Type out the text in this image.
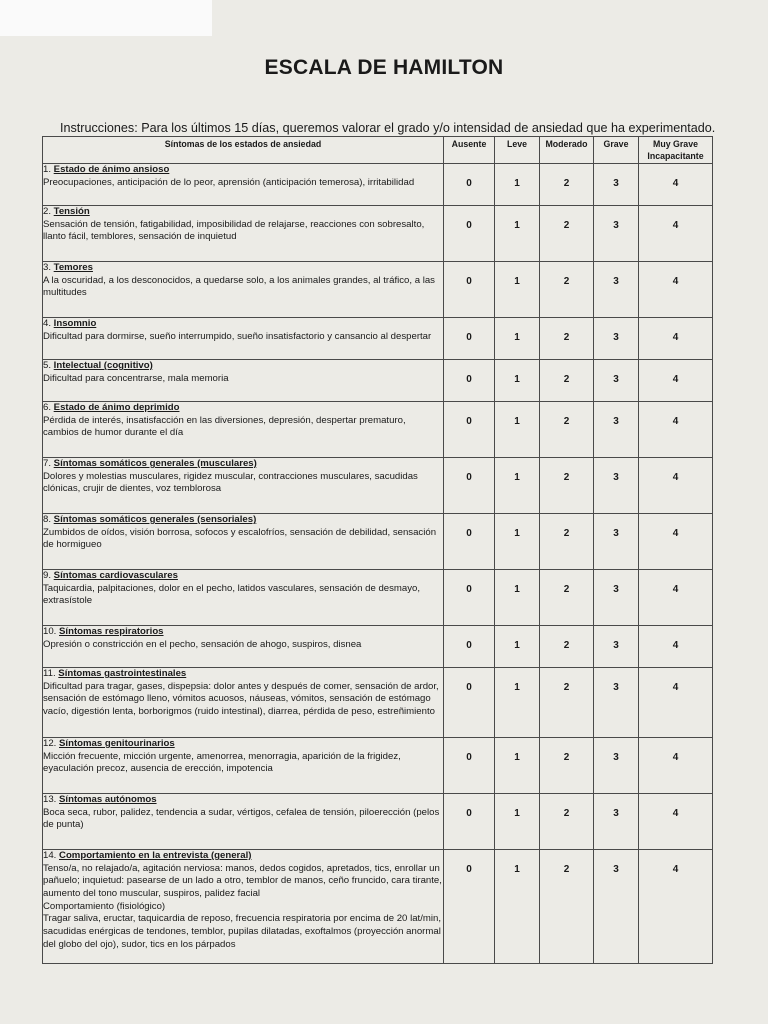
ESCALA DE HAMILTON
Instrucciones: Para los últimos 15 días, queremos valorar el grado y/o intensidad de ansiedad que ha experimentado.
Síntomas de los estados de ansiedad	Ausente	Leve	Moderado	Grave	Muy Grave Incapacitante
1. Estado de ánimo ansioso
Preocupaciones, anticipación de lo peor, aprensión (anticipación temerosa), irritabilidad	0	1	2	3	4
2. Tensión
Sensación de tensión, fatigabilidad, imposibilidad de relajarse, reacciones con sobresalto, llanto fácil, temblores, sensación de inquietud	0	1	2	3	4
3. Temores
A la oscuridad, a los desconocidos, a quedarse solo, a los animales grandes, al tráfico, a las multitudes	0	1	2	3	4
4. Insomnio
Dificultad para dormirse, sueño interrumpido, sueño insatisfactorio y cansancio al despertar	0	1	2	3	4
5. Intelectual (cognitivo)
Dificultad para concentrarse, mala memoria	0	1	2	3	4
6. Estado de ánimo deprimido
Pérdida de interés, insatisfacción en las diversiones, depresión, despertar prematuro, cambios de humor durante el día	0	1	2	3	4
7. Síntomas somáticos generales (musculares)
Dolores y molestias musculares, rigidez muscular, contracciones musculares, sacudidas clónicas, crujir de dientes, voz temblorosa	0	1	2	3	4
8. Síntomas somáticos generales (sensoriales)
Zumbidos de oídos, visión borrosa, sofocos y escalofríos, sensación de debilidad, sensación de hormigueo	0	1	2	3	4
9. Síntomas cardiovasculares
Taquicardia, palpitaciones, dolor en el pecho, latidos vasculares, sensación de desmayo, extrasístole	0	1	2	3	4
10. Síntomas respiratorios
Opresión o constricción en el pecho, sensación de ahogo, suspiros, disnea	0	1	2	3	4
11. Síntomas gastrointestinales
Dificultad para tragar, gases, dispepsia: dolor antes y después de comer, sensación de ardor, sensación de estómago lleno, vómitos acuosos, náuseas, vómitos, sensación de estómago vacío, digestión lenta, borborigmos (ruido intestinal), diarrea, pérdida de peso, estreñimiento	0	1	2	3	4
12. Síntomas genitourinarios
Micción frecuente, micción urgente, amenorrea, menorragia, aparición de la frigidez, eyaculación precoz, ausencia de erección, impotencia	0	1	2	3	4
13. Síntomas autónomos
Boca seca, rubor, palidez, tendencia a sudar, vértigos, cefalea de tensión, piloerección (pelos de punta)	0	1	2	3	4
14. Comportamiento en la entrevista (general)
Tenso/a, no relajado/a, agitación nerviosa: manos, dedos cogidos, apretados, tics, enrollar un pañuelo; inquietud: pasearse de un lado a otro, temblor de manos, ceño fruncido, cara tirante, aumento del tono muscular, suspiros, palidez facial
Comportamiento (fisiológico)
Tragar saliva, eructar, taquicardia de reposo, frecuencia respiratoria por encima de 20 lat/min, sacudidas enérgicas de tendones, temblor, pupilas dilatadas, exoftalmos (proyección anormal del globo del ojo), sudor, tics en los párpados	0	1	2	3	4
